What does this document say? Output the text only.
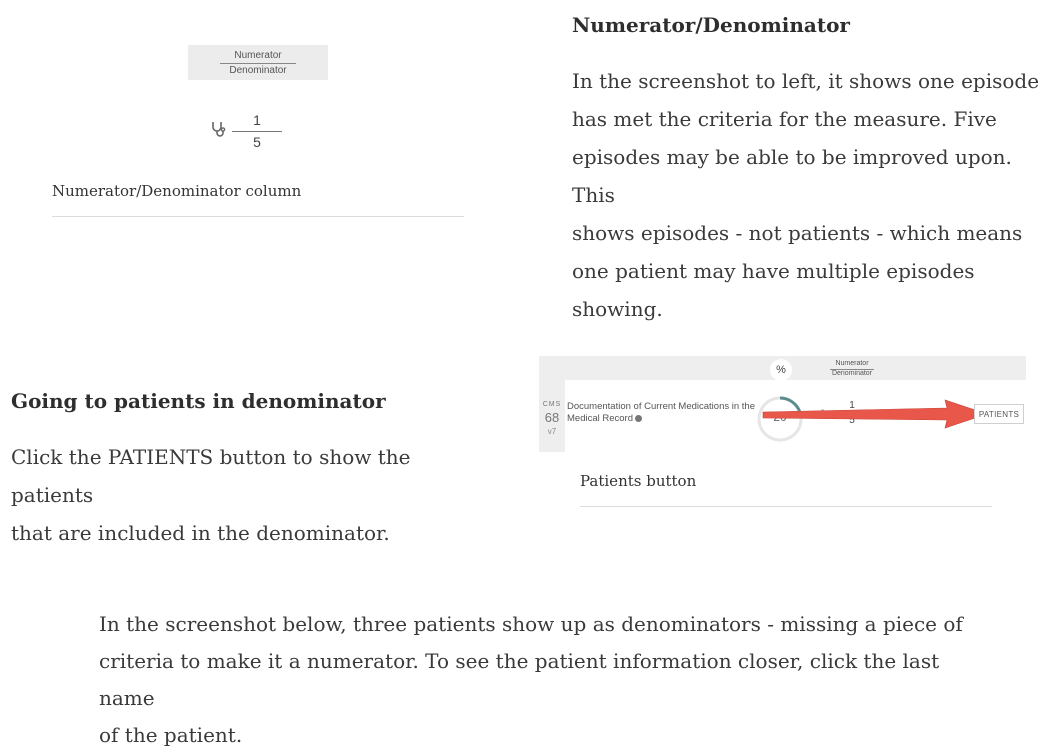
Numerator
Denominator
1
5
Numerator/Denominator column
Numerator/Denominator

In the screenshot to left, it shows one episode

has met the criteria for the measure. Five

episodes may be able to be improved upon. This

shows episodes - not patients - which means

one patient may have multiple episodes

showing.

Going to patients in denominator

Click the PATIENTS button to show the patients

that are included in the denominator.

%
Numerator
Denominator
CMS
68
v7
Documentation of Current Medications in the Medical Record
1
5
PATIENTS
Patients button

In the screenshot below, three patients show up as denominators - missing a piece of

criteria to make it a numerator. To see the patient information closer, click the last name

of the patient.
